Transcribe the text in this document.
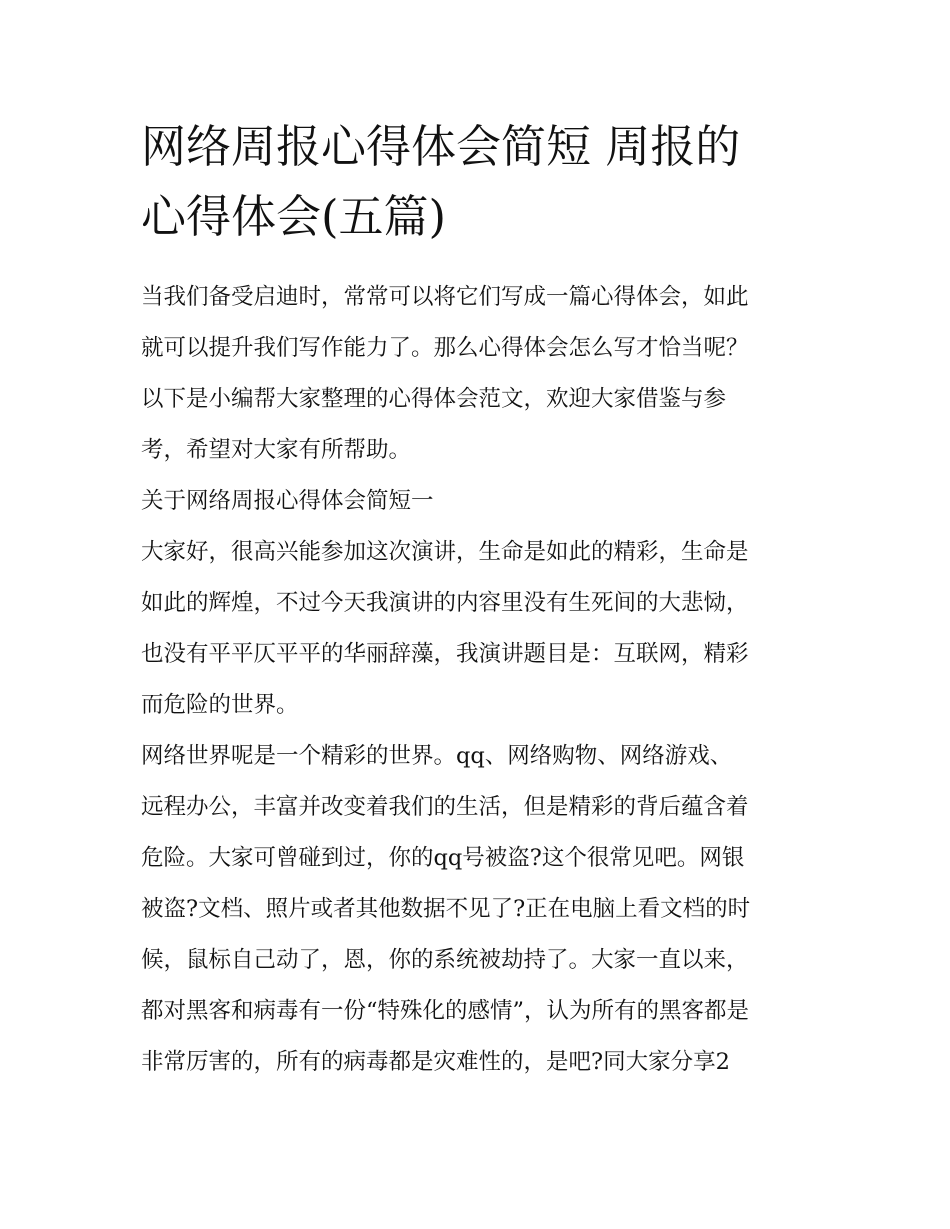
网络周报心得体会简短 周报的
心得体会(五篇)

当我们备受启迪时，常常可以将它们写成一篇心得体会，如此
就可以提升我们写作能力了。那么心得体会怎么写才恰当呢？
以下是小编帮大家整理的心得体会范文，欢迎大家借鉴与参
考，希望对大家有所帮助。

关于网络周报心得体会简短一

大家好，很高兴能参加这次演讲，生命是如此的精彩，生命是
如此的辉煌，不过今天我演讲的内容里没有生死间的大悲恸，
也没有平平仄平平的华丽辞藻，我演讲题目是：互联网，精彩
而危险的世界。

网络世界呢是一个精彩的世界。qq、网络购物、网络游戏、
远程办公，丰富并改变着我们的生活，但是精彩的背后蕴含着
危险。大家可曾碰到过，你的qq号被盗?这个很常见吧。网银
被盗?文档、照片或者其他数据不见了?正在电脑上看文档的时
候，鼠标自己动了，恩，你的系统被劫持了。大家一直以来，
都对黑客和病毒有一份“特殊化的感情”，认为所有的黑客都是
非常厉害的，所有的病毒都是灾难性的，是吧?同大家分享2
